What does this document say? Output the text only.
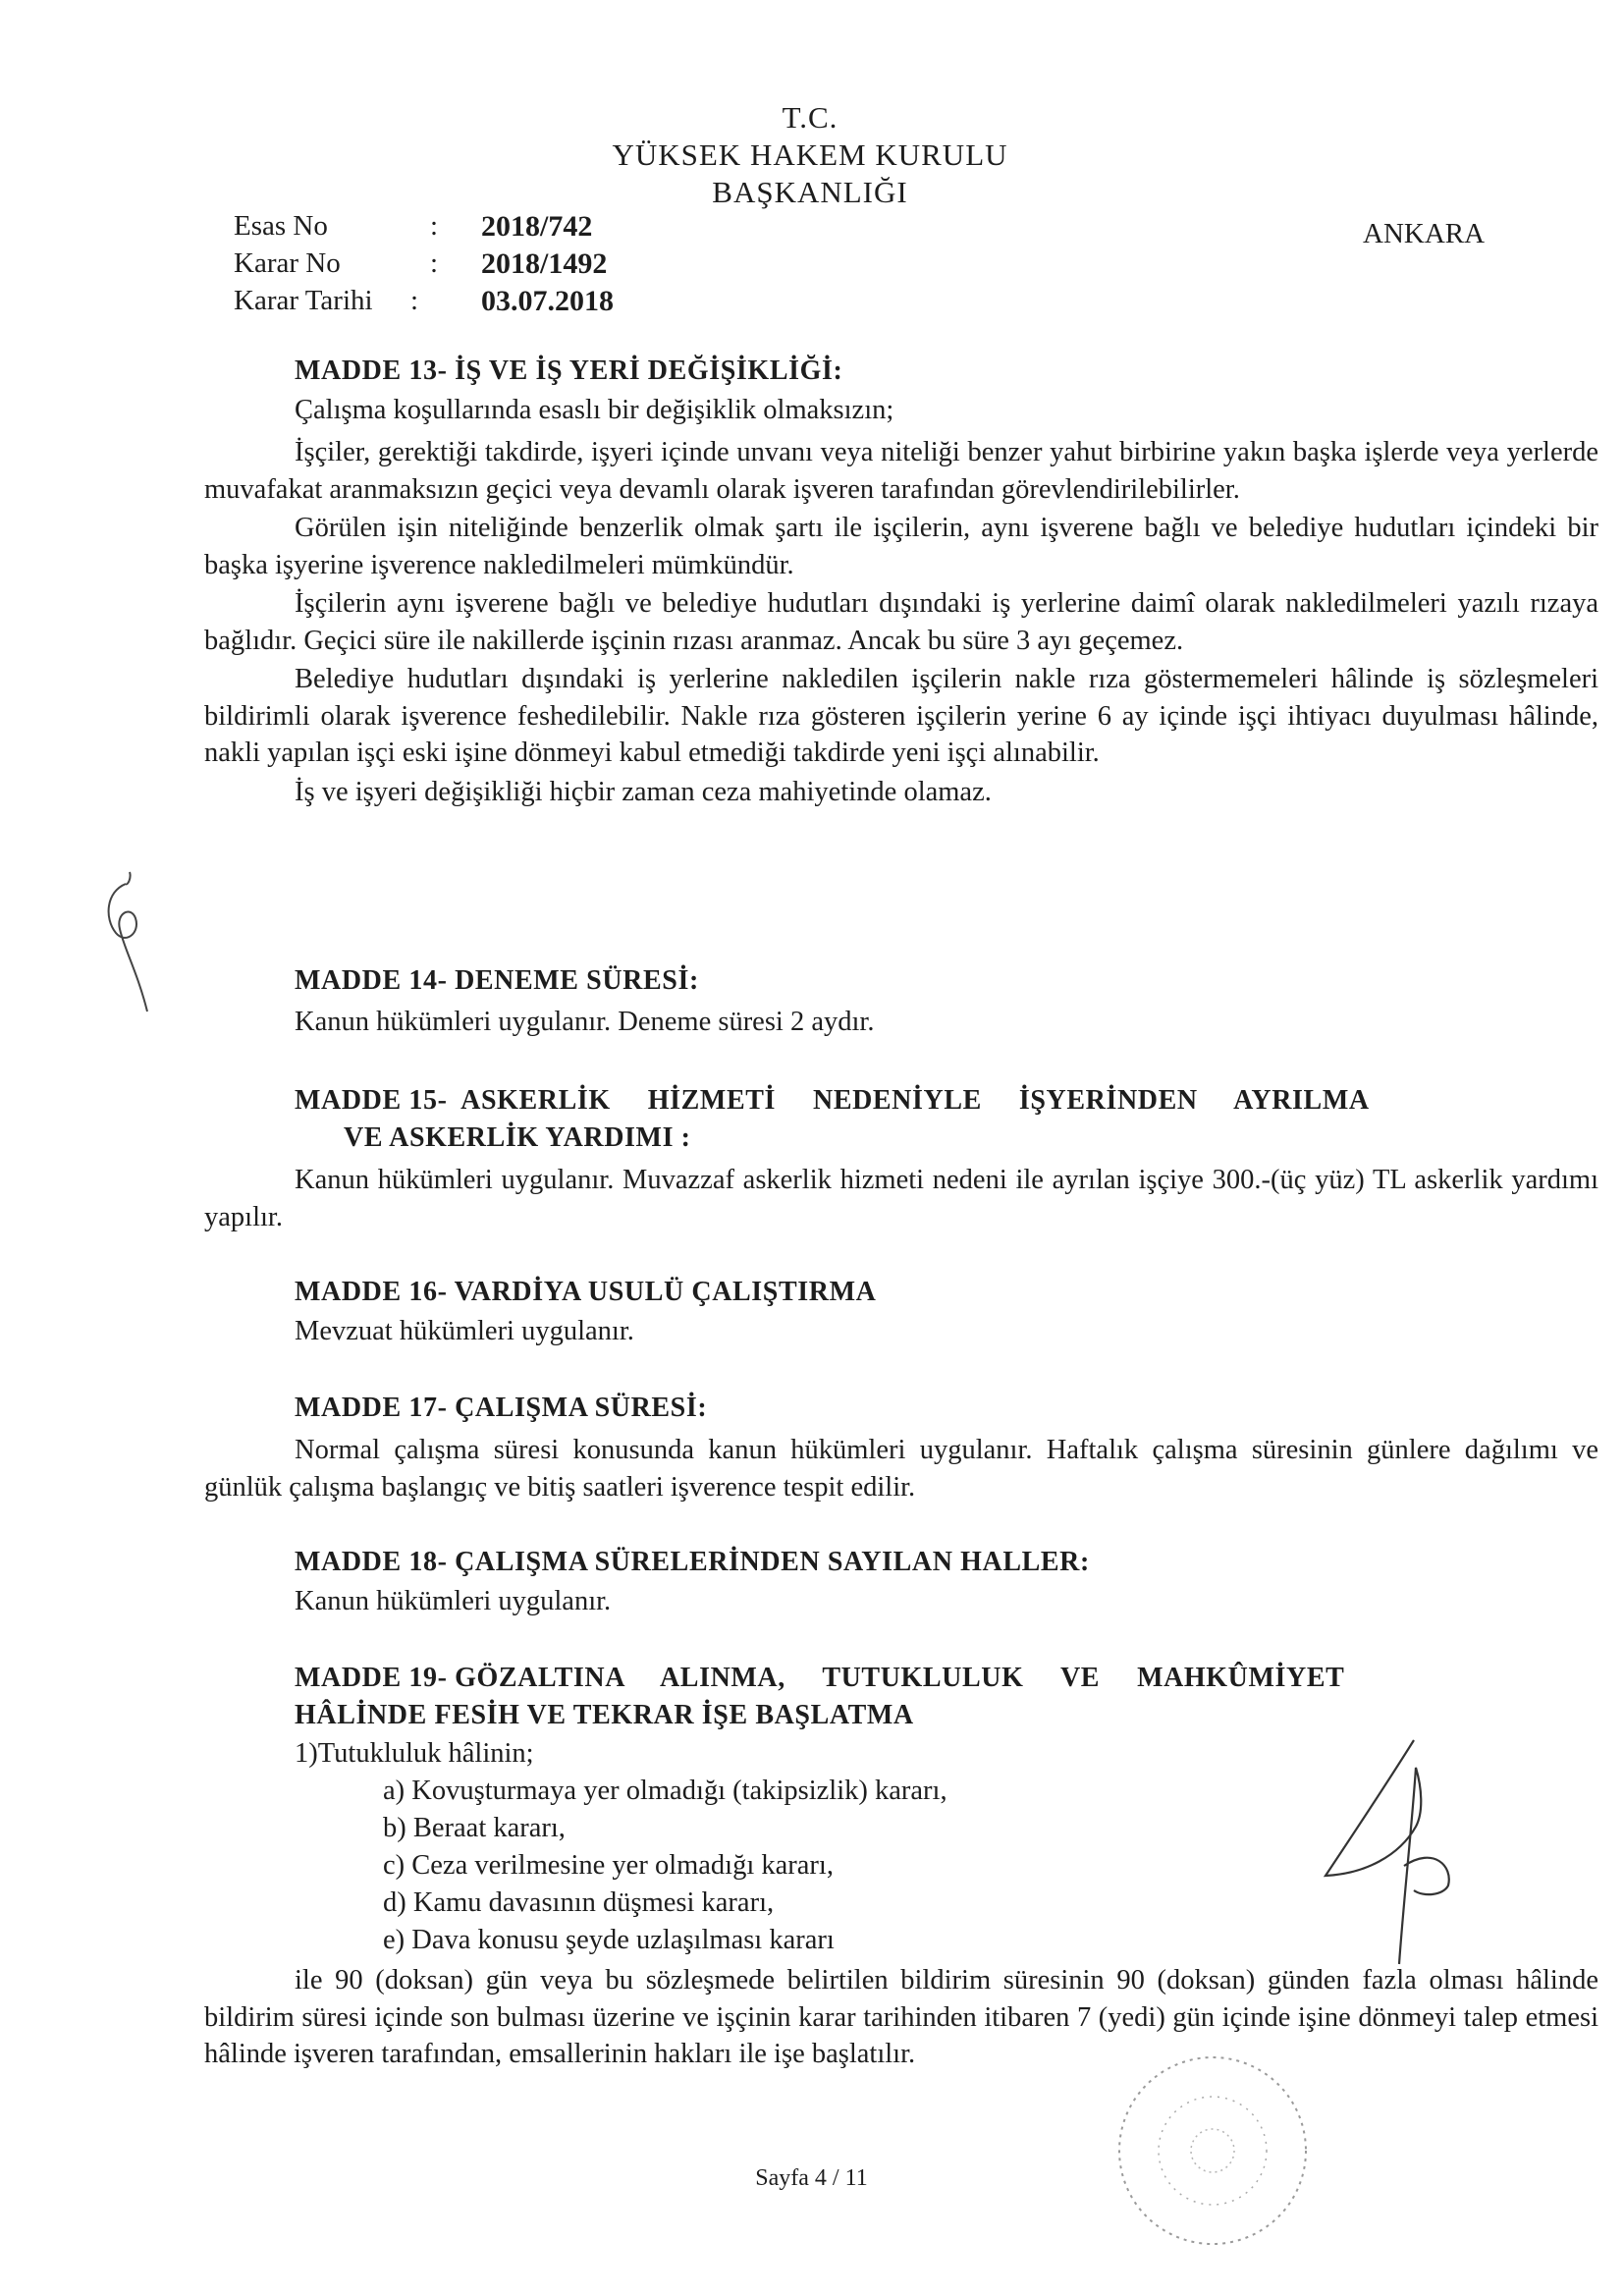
T.C.
YÜKSEK HAKEM KURULU
BAŞKANLIĞI
ANKARA
Esas No	: 2018/742
Karar No	: 2018/1492
Karar Tarihi : 03.07.2018
MADDE 13- İŞ VE İŞ YERİ DEĞİŞİKLİĞİ:
Çalışma koşullarında esaslı bir değişiklik olmaksızın;

İşçiler, gerektiği takdirde, işyeri içinde unvanı veya niteliği benzer yahut birbirine yakın başka işlerde veya yerlerde muvafakat aranmaksızın geçici veya devamlı olarak işveren tarafından görevlendirilebilirler.

Görülen işin niteliğinde benzerlik olmak şartı ile işçilerin, aynı işverene bağlı ve belediye hudutları içindeki bir başka işyerine işverence nakledilmeleri mümkündür.

İşçilerin aynı işverene bağlı ve belediye hudutları dışındaki iş yerlerine daimî olarak nakledilmeleri yazılı rızaya bağlıdır. Geçici süre ile nakillerde işçinin rızası aranmaz. Ancak bu süre 3 ayı geçemez.

Belediye hudutları dışındaki iş yerlerine nakledilen işçilerin nakle rıza göstermemeleri hâlinde iş sözleşmeleri bildirimli olarak işverence feshedilebilir. Nakle rıza gösteren işçilerin yerine 6 ay içinde işçi ihtiyacı duyulması hâlinde, nakli yapılan işçi eski işine dönmeyi kabul etmediği takdirde yeni işçi alınabilir.

İş ve işyeri değişikliği hiçbir zaman ceza mahiyetinde olamaz.

MADDE 14- DENEME SÜRESİ:
Kanun hükümleri uygulanır. Deneme süresi 2 aydır.
MADDE 15-  ASKERLİK     HİZMETİ     NEDENİYLE     İŞYERİNDEN     AYRILMA
VE ASKERLİK YARDIMI :

Kanun hükümleri uygulanır. Muvazzaf askerlik hizmeti nedeni ile ayrılan işçiye 300.-(üç yüz) TL askerlik yardımı yapılır.

MADDE 16- VARDİYA USULÜ ÇALIŞTIRMA
Mevzuat hükümleri uygulanır.
MADDE 17- ÇALIŞMA SÜRESİ:

Normal çalışma süresi konusunda kanun hükümleri uygulanır. Haftalık çalışma süresinin günlere dağılımı ve günlük çalışma başlangıç ve bitiş saatleri işverence tespit edilir.

MADDE 18- ÇALIŞMA SÜRELERİNDEN SAYILAN HALLER:
Kanun hükümleri uygulanır.
MADDE 19- GÖZALTINA     ALINMA,     TUTUKLULUK     VE     MAHKÛMİYET
HÂLİNDE FESİH VE TEKRAR İŞE BAŞLATMA
1)Tutukluluk hâlinin;
a) Kovuşturmaya yer olmadığı (takipsizlik) kararı,
b) Beraat kararı,
c) Ceza verilmesine yer olmadığı kararı,
d) Kamu davasının düşmesi kararı,
e) Dava konusu şeyde uzlaşılması kararı

ile 90 (doksan) gün veya bu sözleşmede belirtilen bildirim süresinin 90 (doksan) günden fazla olması hâlinde bildirim süresi içinde son bulması üzerine ve işçinin karar tarihinden itibaren 7 (yedi) gün içinde işine dönmeyi talep etmesi hâlinde işveren tarafından, emsallerinin hakları ile işe başlatılır.

Sayfa 4 / 11
